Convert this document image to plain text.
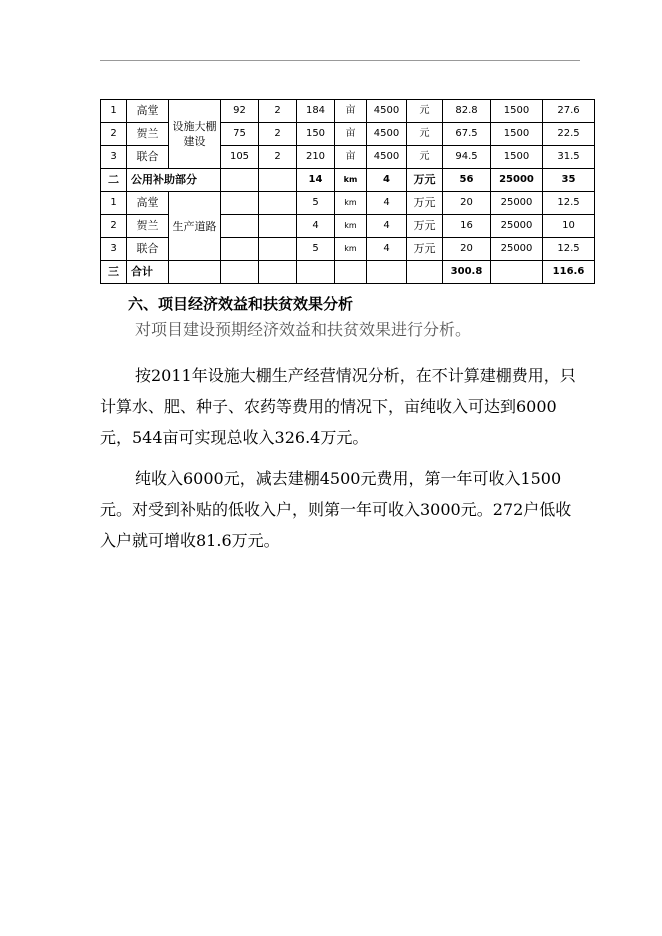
1	高堂	设施大棚建设	92	2	184	亩	4500	元	82.8	1500	27.6
2	贺兰		75	2	150	亩	4500	元	67.5	1500	22.5
3	联合		105	2	210	亩	4500	元	94.5	1500	31.5
二	公用补助部分				14	km	4	万元	56	25000	35
1	高堂	生产道路			5	km	4	万元	20	25000	12.5
2	贺兰				4	km	4	万元	16	25000	10
3	联合				5	km	4	万元	20	25000	12.5
三	合计								300.8		116.6
六、项目经济效益和扶贫效果分析

对项目建设预期经济效益和扶贫效果进行分析。

按2011年设施大棚生产经营情况分析，在不计算建棚费用，只计算水、肥、种子、农药等费用的情况下，亩纯收入可达到6000元，544亩可实现总收入326.4万元。

纯收入6000元，减去建棚4500元费用，第一年可收入1500元。对受到补贴的低收入户，则第一年可收入3000元。272户低收入户就可增收81.6万元。
